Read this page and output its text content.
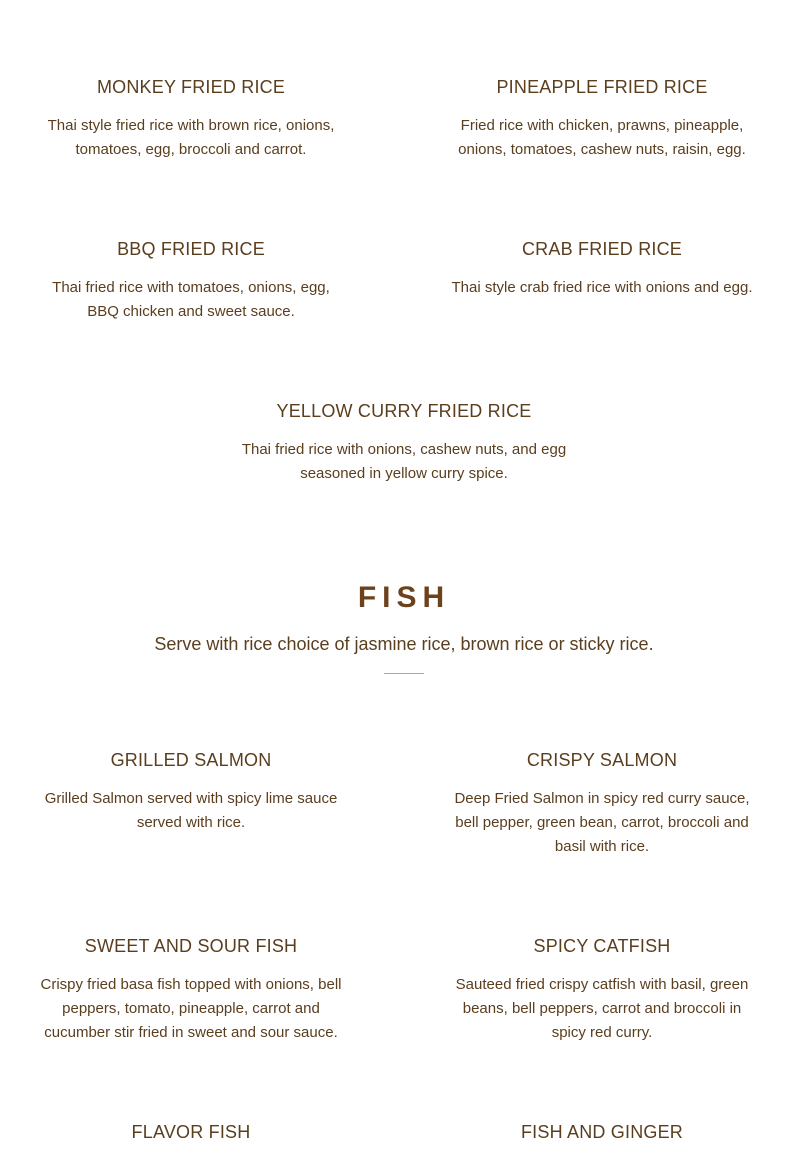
MONKEY FRIED RICE
Thai style fried rice with brown rice, onions, tomatoes, egg, broccoli and carrot.
PINEAPPLE FRIED RICE
Fried rice with chicken, prawns, pineapple, onions, tomatoes, cashew nuts, raisin, egg.
BBQ FRIED RICE
Thai fried rice with tomatoes, onions, egg, BBQ chicken and sweet sauce.
CRAB FRIED RICE
Thai style crab fried rice with onions and egg.
YELLOW CURRY FRIED RICE
Thai fried rice with onions, cashew nuts, and egg seasoned in yellow curry spice.
FISH
Serve with rice choice of jasmine rice, brown rice or sticky rice.
GRILLED SALMON
Grilled Salmon served with spicy lime sauce served with rice.
CRISPY SALMON
Deep Fried Salmon in spicy red curry sauce, bell pepper, green bean, carrot, broccoli and basil with rice.
SWEET AND SOUR FISH
Crispy fried basa fish topped with onions, bell peppers, tomato, pineapple, carrot and cucumber stir fried in sweet and sour sauce.
SPICY CATFISH
Sauteed fried crispy catfish with basil, green beans, bell peppers, carrot and broccoli in spicy red curry.
FLAVOR FISH	FISH AND GINGER
